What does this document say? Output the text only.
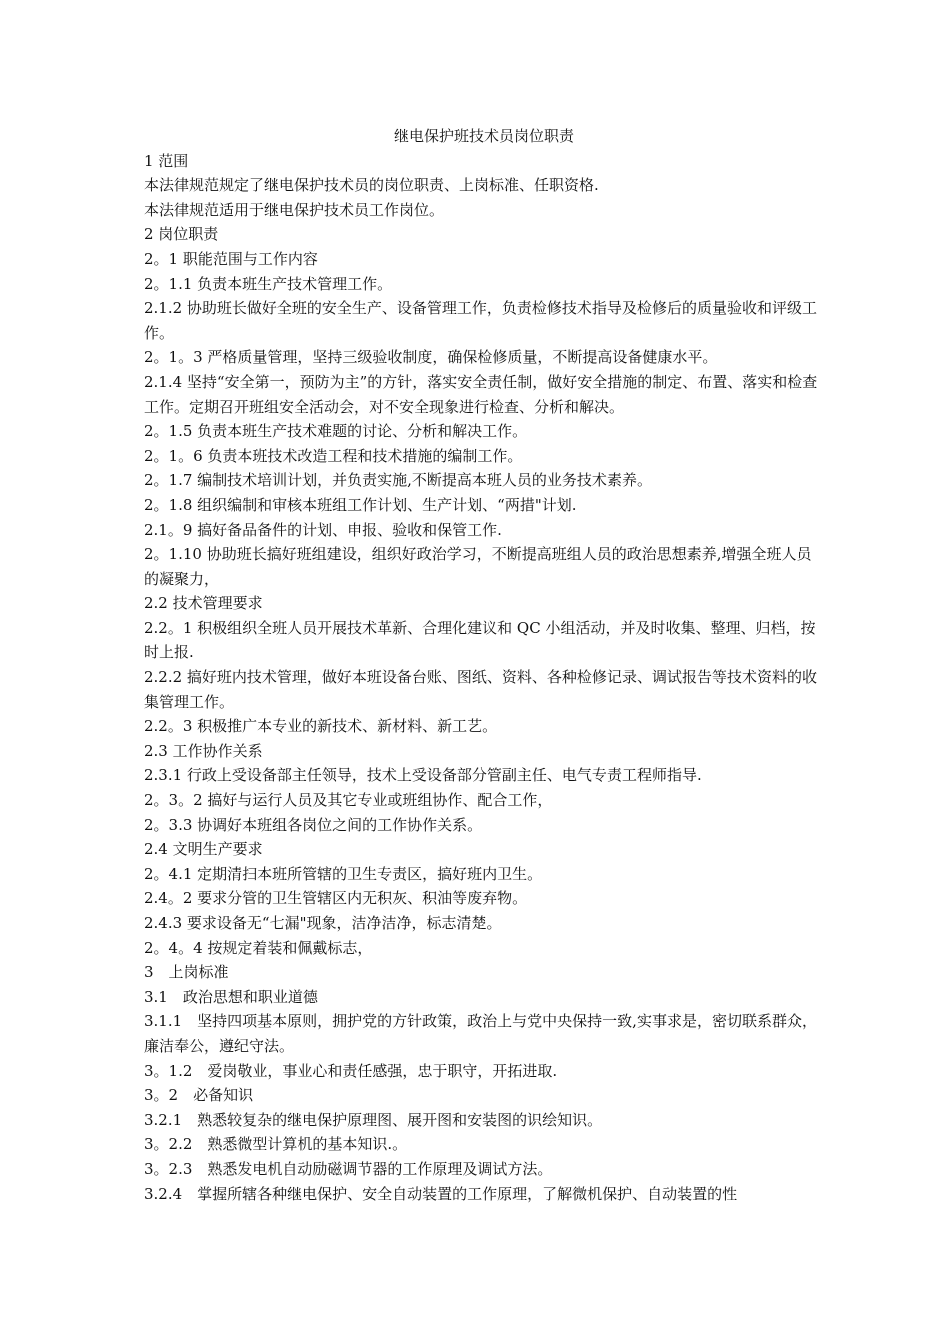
继电保护班技术员岗位职责

1 范围

本法律规范规定了继电保护技术员的岗位职责、上岗标准、任职资格.

本法律规范适用于继电保护技术员工作岗位。

2 岗位职责

2。1 职能范围与工作内容

2。1.1 负责本班生产技术管理工作。

2.1.2 协助班长做好全班的安全生产、设备管理工作，负责检修技术指导及检修后的质量验收和评级工作。

2。1。3 严格质量管理，坚持三级验收制度，确保检修质量，不断提高设备健康水平。

2.1.4 坚持“安全第一，预防为主”的方针，落实安全责任制，做好安全措施的制定、布置、落实和检查工作。定期召开班组安全活动会，对不安全现象进行检查、分析和解决。

2。1.5 负责本班生产技术难题的讨论、分析和解决工作。

2。1。6 负责本班技术改造工程和技术措施的编制工作。

2。1.7 编制技术培训计划，并负责实施,不断提高本班人员的业务技术素养。

2。1.8 组织编制和审核本班组工作计划、生产计划、“两措"计划.

2.1。9 搞好备品备件的计划、申报、验收和保管工作.

2。1.10 协助班长搞好班组建设，组织好政治学习，不断提高班组人员的政治思想素养,增强全班人员的凝聚力，

2.2 技术管理要求

2.2。1 积极组织全班人员开展技术革新、合理化建议和 QC 小组活动，并及时收集、整理、归档，按时上报.

2.2.2 搞好班内技术管理，做好本班设备台账、图纸、资料、各种检修记录、调试报告等技术资料的收集管理工作。

2.2。3 积极推广本专业的新技术、新材料、新工艺。

2.3 工作协作关系

2.3.1 行政上受设备部主任领导，技术上受设备部分管副主任、电气专责工程师指导.

2。3。2 搞好与运行人员及其它专业或班组协作、配合工作，

2。3.3 协调好本班组各岗位之间的工作协作关系。

2.4 文明生产要求

2。4.1 定期清扫本班所管辖的卫生专责区，搞好班内卫生。

2.4。2 要求分管的卫生管辖区内无积灰、积油等废弃物。

2.4.3 要求设备无“七漏"现象，洁净洁净，标志清楚。

2。4。4 按规定着装和佩戴标志，

3　上岗标准

3.1　政治思想和职业道德

3.1.1　坚持四项基本原则，拥护党的方针政策，政治上与党中央保持一致,实事求是，密切联系群众，廉洁奉公，遵纪守法。

3。1.2　爱岗敬业，事业心和责任感强，忠于职守，开拓进取.

3。2　必备知识

3.2.1　熟悉较复杂的继电保护原理图、展开图和安装图的识绘知识。

3。2.2　熟悉微型计算机的基本知识.。

3。2.3　熟悉发电机自动励磁调节器的工作原理及调试方法。

3.2.4　掌握所辖各种继电保护、安全自动装置的工作原理，了解微机保护、自动装置的性
